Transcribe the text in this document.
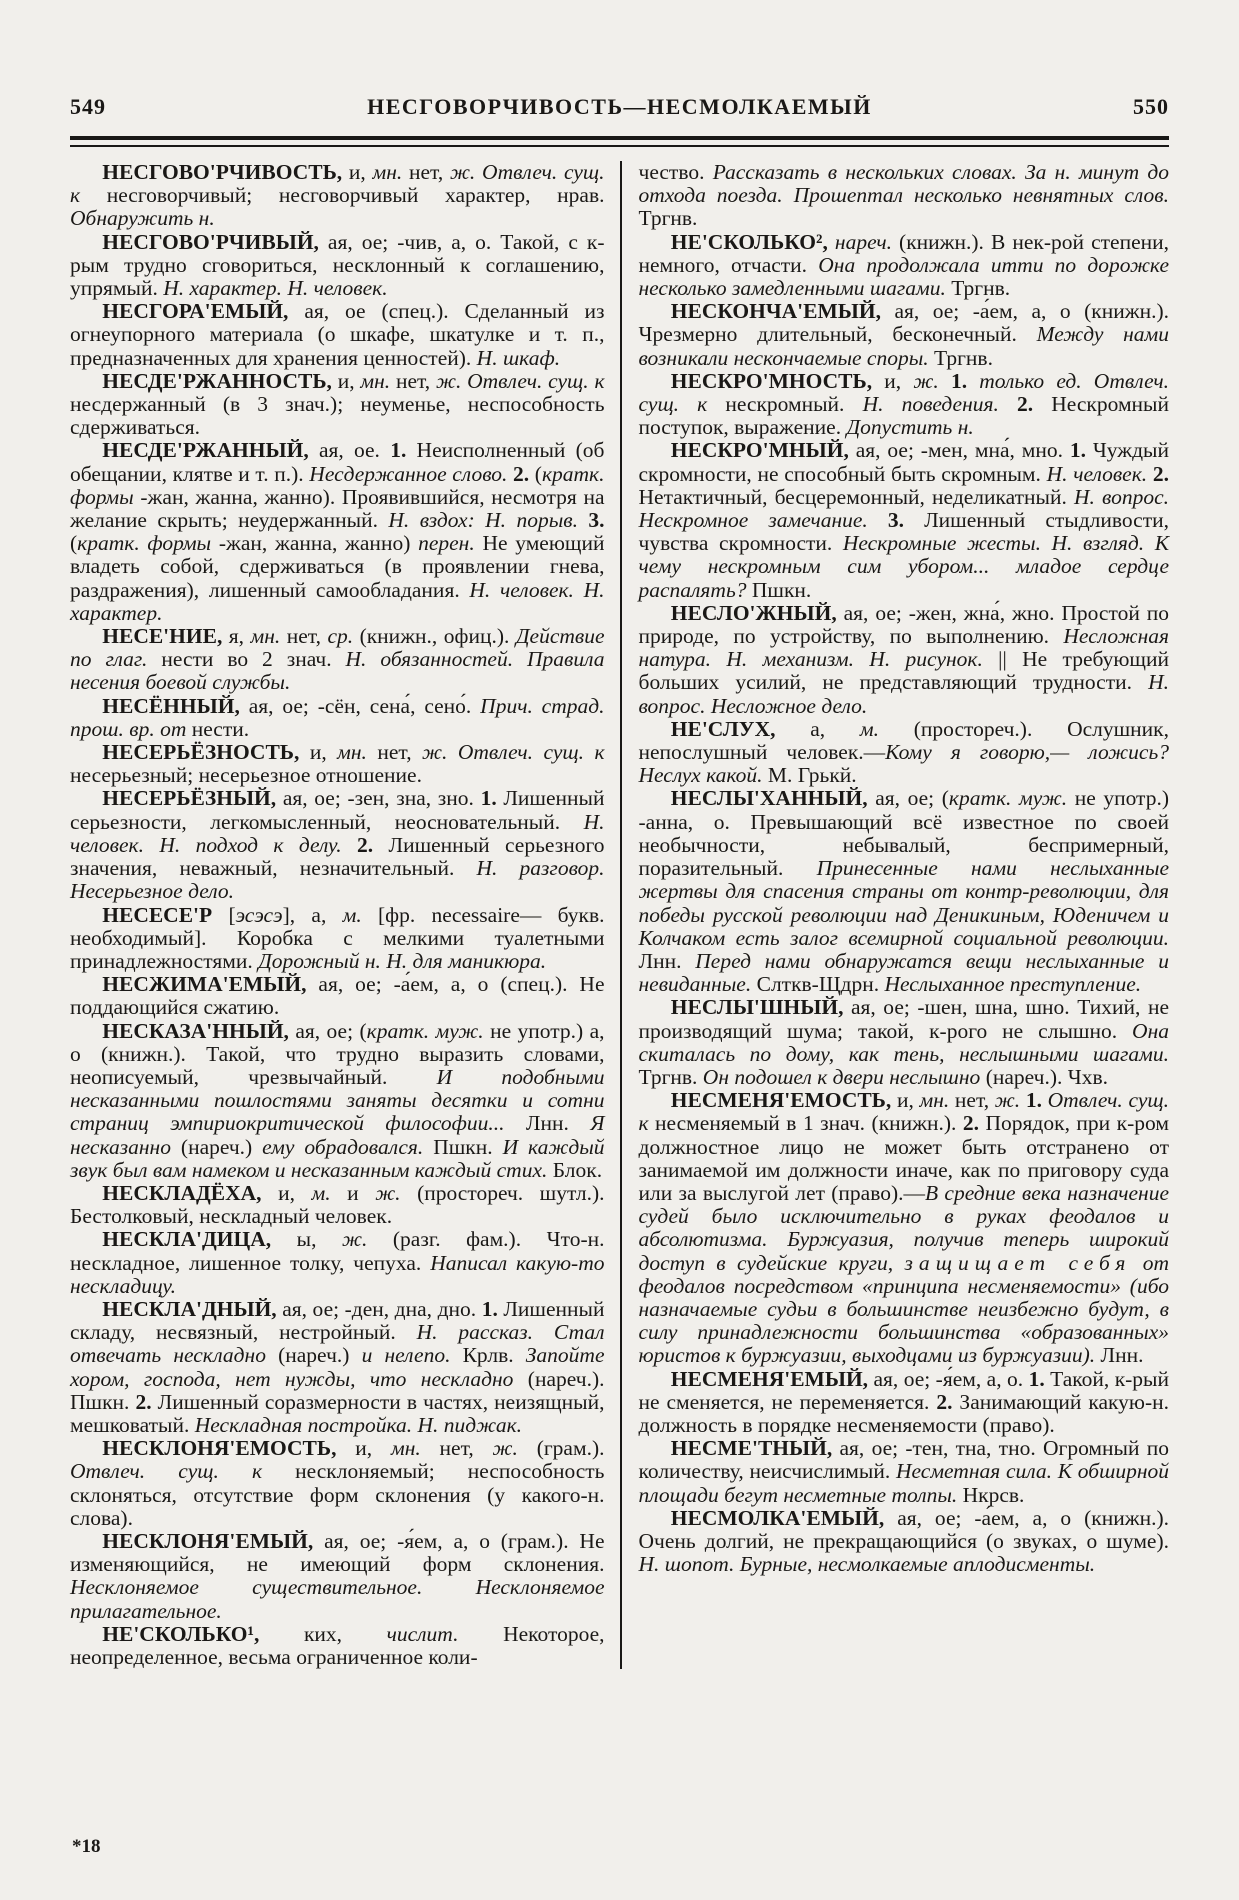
549	НЕСГОВОРЧИВОСТЬ—НЕСМОЛКАЕМЫЙ	550

НЕСГОВО'РЧИВОСТЬ, и, мн. нет, ж. Отвлеч. сущ. к несговорчивый; несговорчивый характер, нрав. Обнаружить н.

НЕСГОВО'РЧИВЫЙ, ая, ое; -чив, а, о. Такой, с к-рым трудно сговориться, несклонный к соглашению, упрямый. Н. характер. Н. человек.

НЕСГОРА'ЕМЫЙ, ая, ое (спец.). Сделанный из огнеупорного материала (о шкафе, шкатулке и т. п., предназначенных для хранения ценностей). Н. шкаф.

НЕСДЕ'РЖАННОСТЬ, и, мн. нет, ж. Отвлеч. сущ. к несдержанный (в 3 знач.); неуменье, неспособность сдерживаться.

НЕСДЕ'РЖАННЫЙ, ая, ое. 1. Неисполненный (об обещании, клятве и т. п.). Несдержанное слово. 2. (кратк. формы -жан, жанна, жанно). Проявившийся, несмотря на желание скрыть; неудержанный. Н. вздох: Н. порыв. 3. (кратк. формы -жан, жанна, жанно) перен. Не умеющий владеть собой, сдерживаться (в проявлении гнева, раздражения), лишенный самообладания. Н. человек. Н. характер.

НЕСЕ'НИЕ, я, мн. нет, ср. (книжн., офиц.). Действие по глаг. нести во 2 знач. Н. обязанностей. Правила несения боевой службы.

НЕСЁННЫЙ, ая, ое; -сён, сена́, сено́. Прич. страд. прош. вр. от нести.

НЕСЕРЬЁЗНОСТЬ, и, мн. нет, ж. Отвлеч. сущ. к несерьезный; несерьезное отношение.

НЕСЕРЬЁЗНЫЙ, ая, ое; -зен, зна, зно. 1. Лишенный серьезности, легкомысленный, неосновательный. Н. человек. Н. подход к делу. 2. Лишенный серьезного значения, неважный, незначительный. Н. разговор. Несерьезное дело.

НЕСЕСЕ'Р [эсэсэ], а, м. [фр. necessaire— букв. необходимый]. Коробка с мелкими туалетными принадлежностями. Дорожный н. Н. для маникюра.

НЕСЖИМА'ЕМЫЙ, ая, ое; -а́ем, а, о (спец.). Не поддающийся сжатию.

НЕСКАЗА'ННЫЙ, ая, ое; (кратк. муж. не употр.) а, о (книжн.). Такой, что трудно выразить словами, неописуемый, чрезвычайный. И подобными несказанными пошлостями заняты десятки и сотни страниц эмпириокритической философии... Лнн. Я несказанно (нареч.) ему обрадовался. Пшкн. И каждый звук был вам намеком и несказанным каждый стих. Блок.

НЕСКЛАДЁХА, и, м. и ж. (простореч. шутл.). Бестолковый, нескладный человек.

НЕСКЛА'ДИЦА, ы, ж. (разг. фам.). Что-н. нескладное, лишенное толку, чепуха. Написал какую-то нескладицу.

НЕСКЛА'ДНЫЙ, ая, ое; -ден, дна, дно. 1. Лишенный складу, несвязный, нестройный. Н. рассказ. Стал отвечать нескладно (нареч.) и нелепо. Крлв. Запойте хором, господа, нет нужды, что нескладно (нареч.). Пшкн. 2. Лишенный соразмерности в частях, неизящный, мешковатый. Нескладная постройка. Н. пиджак.

НЕСКЛОНЯ'ЕМОСТЬ, и, мн. нет, ж. (грам.). Отвлеч. сущ. к несклоняемый; неспособность склоняться, отсутствие форм склонения (у какого-н. слова).

НЕСКЛОНЯ'ЕМЫЙ, ая, ое; -я́ем, а, о (грам.). Не изменяющийся, не имеющий форм склонения. Несклоняемое существительное. Несклоняемое прилагательное.

НЕ'СКОЛЬКО¹, ких, числит. Некоторое, неопределенное, весьма ограниченное коли-

чество. Рассказать в нескольких словах. За н. минут до отхода поезда. Прошептал несколько невнятных слов. Тргнв.

НЕ'СКОЛЬКО², нареч. (книжн.). В нек-рой степени, немного, отчасти. Она продолжала итти по дорожке несколько замедленными шагами. Тргнв.

НЕСКОНЧА'ЕМЫЙ, ая, ое; -а́ем, а, о (книжн.). Чрезмерно длительный, бесконечный. Между нами возникали нескончаемые споры. Тргнв.

НЕСКРО'МНОСТЬ, и, ж. 1. только ед. Отвлеч. сущ. к нескромный. Н. поведения. 2. Нескромный поступок, выражение. Допустить н.

НЕСКРО'МНЫЙ, ая, ое; -мен, мна́, мно. 1. Чуждый скромности, не способный быть скромным. Н. человек. 2. Нетактичный, бесцеремонный, неделикатный. Н. вопрос. Нескромное замечание. 3. Лишенный стыдливости, чувства скромности. Нескромные жесты. Н. взгляд. К чему нескромным сим убором... младое сердце распалять? Пшкн.

НЕСЛО'ЖНЫЙ, ая, ое; -жен, жна́, жно. Простой по природе, по устройству, по выполнению. Несложная натура. Н. механизм. Н. рисунок. || Не требующий больших усилий, не представляющий трудности. Н. вопрос. Несложное дело.

НЕ'СЛУХ, а, м. (простореч.). Ослушник, непослушный человек.—Кому я говорю,— ложись? Неслух какой. М. Грькй.

НЕСЛЫ'ХАННЫЙ, ая, ое; (кратк. муж. не употр.) -анна, о. Превышающий всё известное по своей необычности, небывалый, беспримерный, поразительный. Принесенные нами неслыханные жертвы для спасения страны от контр-революции, для победы русской революции над Деникиным, Юденичем и Колчаком есть залог всемирной социальной революции. Лнн. Перед нами обнаружатся вещи неслыханные и невиданные. Слткв-Щдрн. Неслыханное преступление.

НЕСЛЫ'ШНЫЙ, ая, ое; -шен, шна, шно. Тихий, не производящий шума; такой, к-рого не слышно. Она скиталась по дому, как тень, неслышными шагами. Тргнв. Он подошел к двери неслышно (нареч.). Чхв.

НЕСМЕНЯ'ЕМОСТЬ, и, мн. нет, ж. 1. Отвлеч. сущ. к несменяемый в 1 знач. (книжн.). 2. Порядок, при к-ром должностное лицо не может быть отстранено от занимаемой им должности иначе, как по приговору суда или за выслугой лет (право).—В средние века назначение судей было исключительно в руках феодалов и абсолютизма. Буржуазия, получив теперь широкий доступ в судейские круги, защищает себя от феодалов посредством «принципа несменяемости» (ибо назначаемые судьи в большинстве неизбежно будут, в силу принадлежности большинства «образованных» юристов к буржуазии, выходцами из буржуазии). Лнн.

НЕСМЕНЯ'ЕМЫЙ, ая, ое; -я́ем, а, о. 1. Такой, к-рый не сменяется, не переменяется. 2. Занимающий какую-н. должность в порядке несменяемости (право).

НЕСМЕ'ТНЫЙ, ая, ое; -тен, тна, тно. Огромный по количеству, неисчислимый. Несметная сила. К обширной площади бегут несметные толпы. Нкрсв.

НЕСМОЛКА'ЕМЫЙ, ая, ое; -а́ем, а, о (книжн.). Очень долгий, не прекращающийся (о звуках, о шуме). Н. шопот. Бурные, несмолкаемые аплодисменты.

*18
